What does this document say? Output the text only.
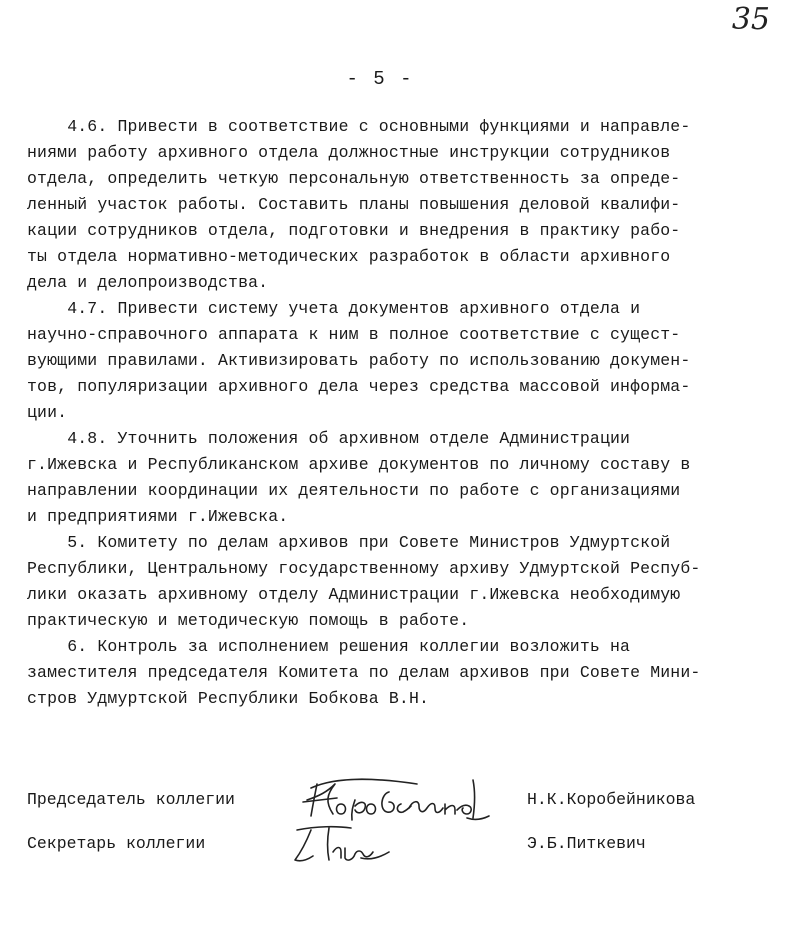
35
- 5 -
4.6. Привести в соответствие с основными функциями и направле-
ниями работу архивного отдела должностные инструкции сотрудников
отдела, определить четкую персональную ответственность за опреде-
ленный участок работы. Составить планы повышения деловой квалифи-
кации сотрудников отдела, подготовки и внедрения в практику рабо-
ты отдела нормативно-методических разработок в области архивного
дела и делопроизводства.
4.7. Привести систему учета документов архивного отдела и
научно-справочного аппарата к ним в полное соответствие с сущест-
вующими правилами. Активизировать работу по использованию докумен-
тов, популяризации архивного дела через средства массовой информа-
ции.
4.8. Уточнить положения об архивном отделе Администрации
г.Ижевска и Республиканском архиве документов по личному составу в
направлении координации их деятельности по работе с организациями
и предприятиями г.Ижевска.
5. Комитету по делам архивов при Совете Министров Удмуртской
Республики, Центральному государственному архиву Удмуртской Респуб-
лики оказать архивному отделу Администрации г.Ижевска необходимую
практическую и методическую помощь в работе.
6. Контроль за исполнением решения коллегии возложить на
заместителя председателя Комитета по делам архивов при Совете Мини-
стров Удмуртской Республики Бобкова В.Н.
Председатель коллегии	Н.К.Коробейникова
Секретарь коллегии	Э.Б.Питкевич
